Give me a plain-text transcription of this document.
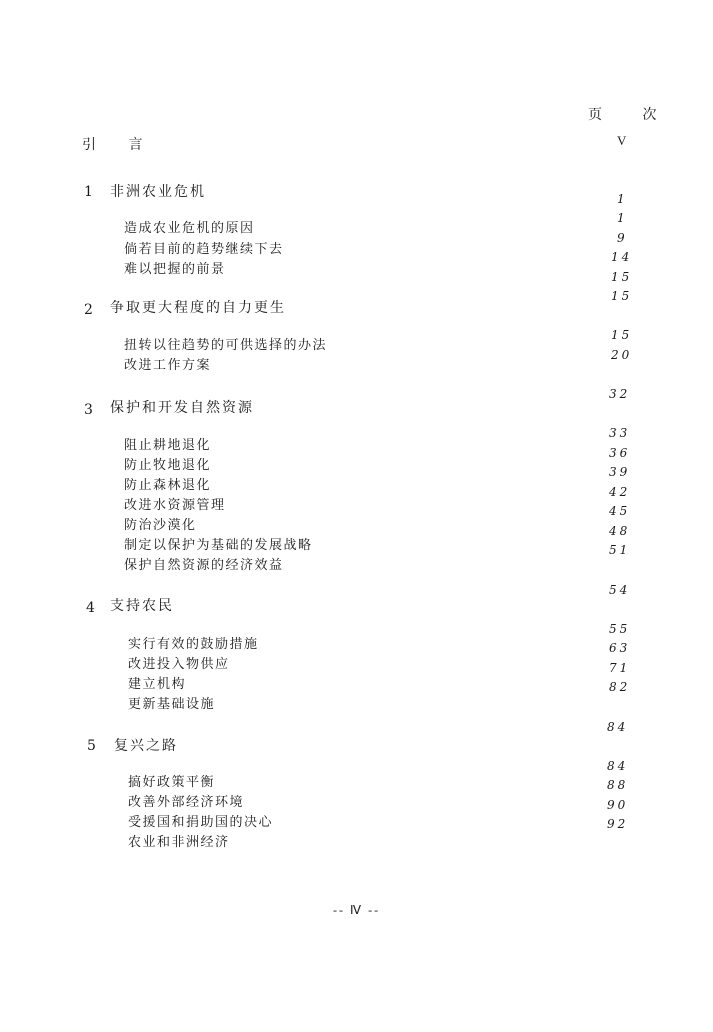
页 次
引 言	V
1 非洲农业危机
造成农业危机的原因
倘若目前的趋势继续下去
难以把握的前景
2 争取更大程度的自力更生
扭转以往趋势的可供选择的办法
改进工作方案
3 保护和开发自然资源
阻止耕地退化
防止牧地退化
防止森林退化
改进水资源管理
防治沙漠化
制定以保护为基础的发展战略
保护自然资源的经济效益
4 支持农民
实行有效的鼓励措施
改进投入物供应
建立机构
更新基础设施
5 复兴之路
搞好政策平衡
改善外部经济环境
受援国和捐助国的决心
农业和非洲经济
1
1
9
14
15
15
15
20
32
33
36
39
42
45
48
51
54
55
63
71
82
84
84
88
90
92
-- Ⅳ --
